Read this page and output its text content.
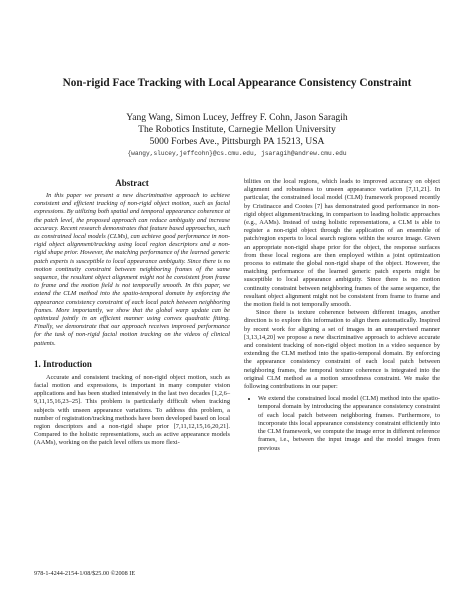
Non-rigid Face Tracking with Local Appearance Consistency Constraint
Yang Wang, Simon Lucey, Jeffrey F. Cohn, Jason Saragih
The Robotics Institute, Carnegie Mellon University
5000 Forbes Ave., Pittsburgh PA 15213, USA
{wangy,slucey,jeffcohn}@cs.cmu.edu, jsaragih@andrew.cmu.edu
Abstract

In this paper we present a new discriminative approach to achieve consistent and efficient tracking of non-rigid object motion, such as facial expressions. By utilizing both spatial and temporal appearance coherence at the patch level, the proposed approach can reduce ambiguity and increase accuracy. Recent research demonstrates that feature based approaches, such as constrained local models (CLMs), can achieve good performance in non-rigid object alignment/tracking using local region descriptors and a non-rigid shape prior. However, the matching performance of the learned generic patch experts is susceptible to local appearance ambiguity. Since there is no motion continuity constraint between neighboring frames of the same sequence, the resultant object alignment might not be consistent from frame to frame and the motion field is not temporally smooth. In this paper, we extend the CLM method into the spatio-temporal domain by enforcing the appearance consistency constraint of each local patch between neighboring frames. More importantly, we show that the global warp update can be optimized jointly in an efficient manner using convex quadratic fitting. Finally, we demonstrate that our approach receives improved performance for the task of non-rigid facial motion tracking on the videos of clinical patients.

1. Introduction

Accurate and consistent tracking of non-rigid object motion, such as facial motion and expressions, is important in many computer vision applications and has been studied intensively in the last two decades [1,2,6–9,11,15,16,23–25]. This problem is particularly difficult when tracking subjects with unseen appearance variations. To address this problem, a number of registration/tracking methods have been developed based on local region descriptors and a non-rigid shape prior [7,11,12,15,16,20,21]. Compared to the holistic representations, such as active appearance models (AAMs), working on the patch level offers us more flexi-

bilities on the local regions, which leads to improved accuracy on object alignment and robustness to unseen appearance variation [7,11,21]. In particular, the constrained local model (CLM) framework proposed recently by Cristinacce and Cootes [7] has demonstrated good performance in non-rigid object alignment/tracking, in comparison to leading holistic approaches (e.g., AAMs). Instead of using holistic representations, a CLM is able to register a non-rigid object through the application of an ensemble of patch/region experts to local search regions within the source image. Given an appropriate non-rigid shape prior for the object, the response surfaces from these local regions are then employed within a joint optimization process to estimate the global non-rigid shape of the object. However, the matching performance of the learned generic patch experts might be susceptible to local appearance ambiguity. Since there is no motion continuity constraint between neighboring frames of the same sequence, the resultant object alignment might not be consistent from frame to frame and the motion field is not temporally smooth.

Since there is texture coherence between different images, another direction is to explore this information to align them automatically. Inspired by recent work for aligning a set of images in an unsupervised manner [3,13,14,20] we propose a new discriminative approach to achieve accurate and consistent tracking of non-rigid object motion in a video sequence by extending the CLM method into the spatio-temporal domain. By enforcing the appearance consistency constraint of each local patch between neighboring frames, the temporal texture coherence is integrated into the original CLM method as a motion smoothness constraint. We make the following contributions in our paper:

• We extend the constrained local model (CLM) method into the spatio-temporal domain by introducing the appearance consistency constraint of each local patch between neighboring frames. Furthermore, to incorporate this local appearance consistency constraint efficiently into the CLM framework, we compute the image error in different reference frames, i.e., between the input image and the model images from previous
978-1-4244-2154-1/08/$25.00 ©2008 IE
